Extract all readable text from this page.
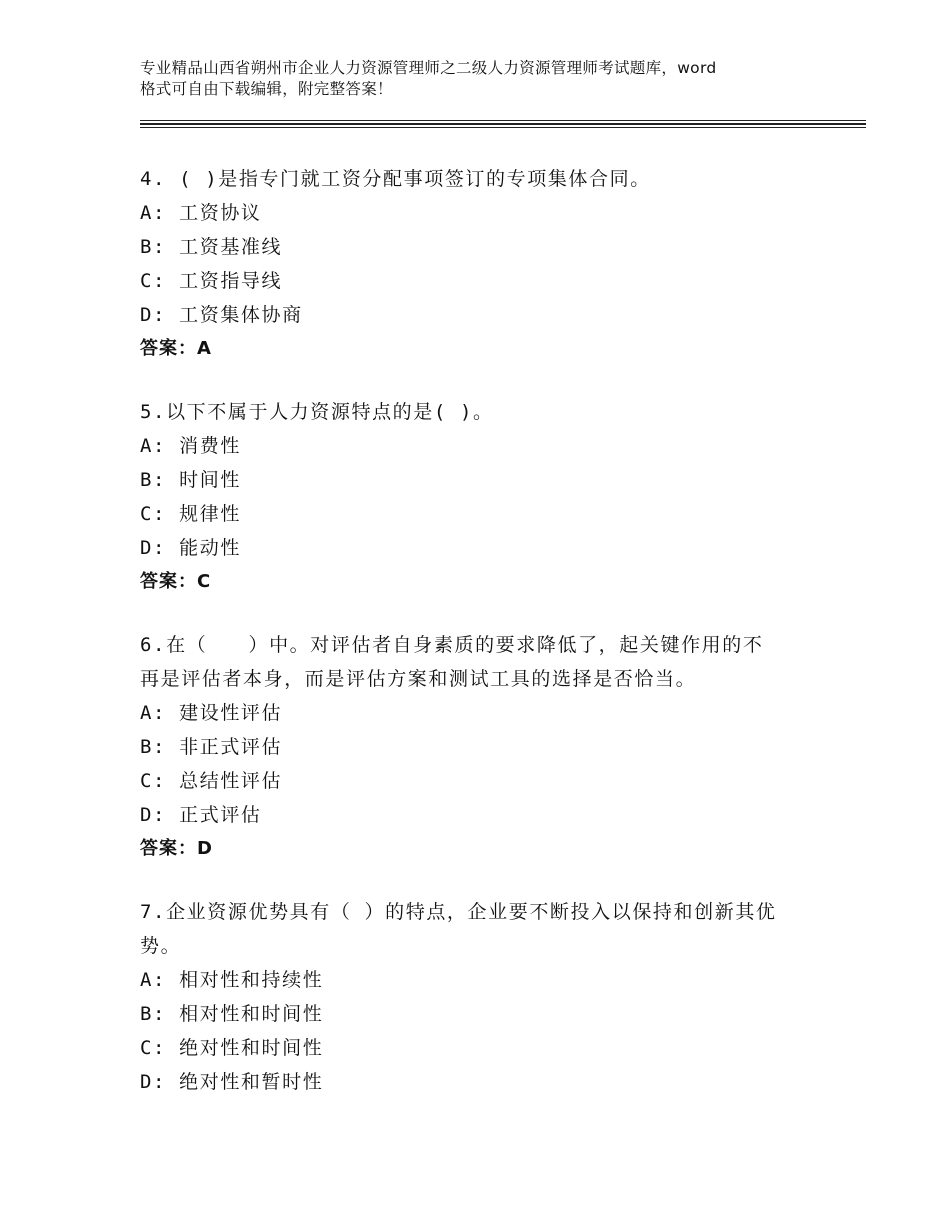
专业精品山西省朔州市企业人力资源管理师之二级人力资源管理师考试题库，word
格式可自由下载编辑，附完整答案！
4. ( )是指专门就工资分配事项签订的专项集体合同。
A: 工资协议
B: 工资基准线
C: 工资指导线
D: 工资集体协商
答案：A
5.以下不属于人力资源特点的是( )。
A: 消费性
B: 时间性
C: 规律性
D: 能动性
答案：C
6.在（　　）中。对评估者自身素质的要求降低了，起关键作用的不
再是评估者本身，而是评估方案和测试工具的选择是否恰当。
A: 建设性评估
B: 非正式评估
C: 总结性评估
D: 正式评估
答案：D
7.企业资源优势具有（ ）的特点，企业要不断投入以保持和创新其优
势。
A: 相对性和持续性
B: 相对性和时间性
C: 绝对性和时间性
D: 绝对性和暂时性
